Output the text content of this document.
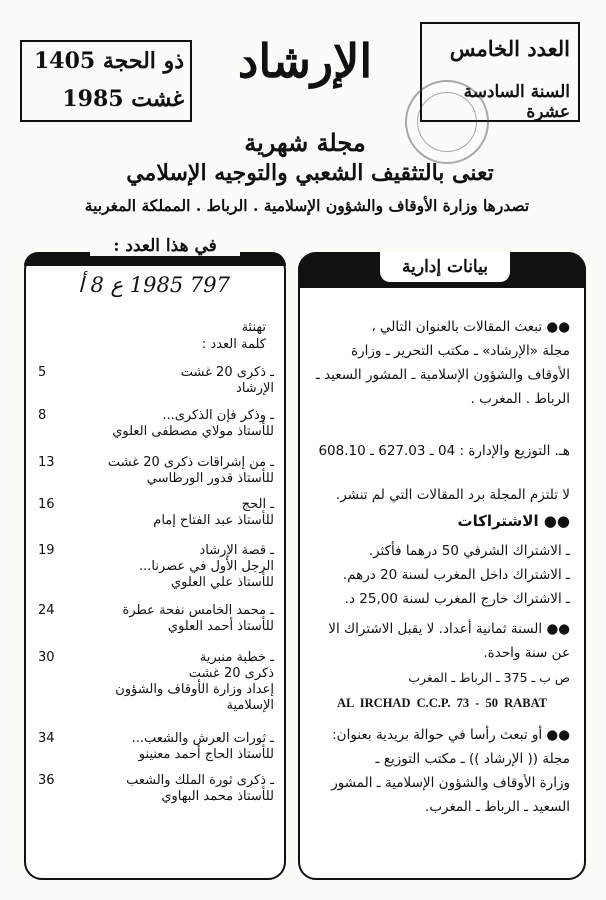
ذو الحجة 1405
غشت 1985
الإرشاد	العدد الخامس
السنة السادسة عشرة
مجلة شهرية
تعنى بالتثقيف الشعبي والتوجيه الإسلامي
تصدرها وزارة الأوقاف والشؤون الإسلامية . الرباط . المملكة المغربية
في هذا العدد :
797 1985 ع 8 أ
تهنئة
كلمة العدد :
5	ـ ذكرى 20 غشت
الإرشاد
8	ـ وذكر فإن الذكرى...
للأستاذ مولاي مصطفى العلوي
13	ـ من إشراقات ذكرى 20 غشت
للأستاذ قدور الورطاسي
16	ـ الحج
للأستاذ عبد الفتاح إمام
19	ـ قصة الإرشاد
الرجل الأول في عصرنا...
للأستاذ علي العلوي
24	ـ محمد الخامس نفحة عطرة
للأستاذ أحمد العلوي
30	ـ خطبة منبرية
ذكرى 20 غشت
إعداد وزارة الأوقاف والشؤون
الإسلامية
34	ـ ثورات العرش والشعب...
للأستاذ الحاج أحمد معنينو
36	ـ ذكرى ثورة الملك والشعب
للأستاذ محمد البهاوي
بيانات إدارية
●● تبعث المقالات بالعنوان التالي ،
مجلة «الإرشاد» ـ مكتب التحرير ـ وزارة
الأوقاف والشؤون الإسلامية ـ المشور السعيد ـ
الرباط . المغرب .
هـ. التوزيع والإدارة : 04 ـ 627.03 ـ 608.10
لا تلتزم المجلة برد المقالات التي لم تنشر.
●● الاشتراكات
ـ الاشتراك الشرفي 50 درهما فأكثر.
ـ الاشتراك داخل المغرب لسنة 20 درهم.
ـ الاشتراك خارج المغرب لسنة 25,00 د.
●● السنة ثمانية أعداد. لا يقبل الاشتراك الا
عن سنة واحدة.
ص ب ـ 375 ـ الرباط ـ المغرب
AL IRCHAD C.C.P. 73 - 50 RABAT
●● أو تبعث رأسا في حوالة بريدية بعنوان:
مجلة (( الإرشاد )) ـ مكتب التوزيع ـ
وزارة الأوقاف والشؤون الإسلامية ـ المشور
السعيد ـ الرباط ـ المغرب.
